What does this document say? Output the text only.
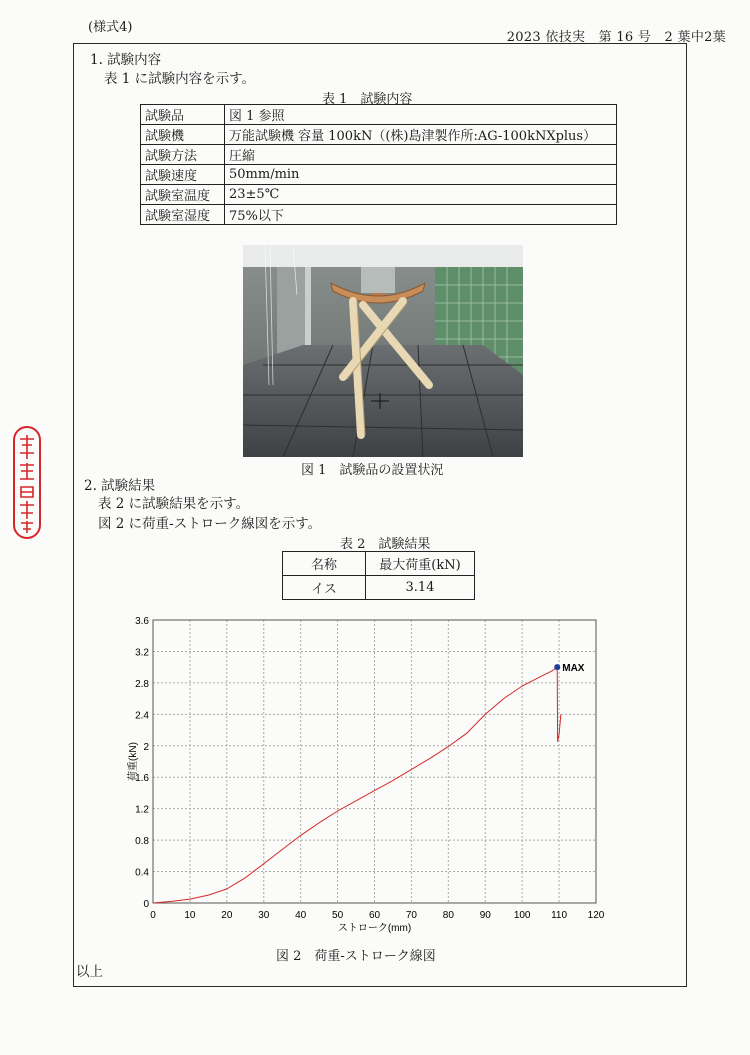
(様式4)
2023 依技実　第 16 号　2 葉中2葉
1. 試験内容
表 1 に試験内容を示す。
表 1　試験内容
試験品	図 1 参照
試験機	万能試験機 容量 100kN（(株)島津製作所:AG-100kNXplus）
試験方法	圧縮
試験速度	50mm/min
試験室温度	23±5℃
試験室湿度	75%以下
図 1　試験品の設置状況
2. 試験結果
表 2 に試験結果を示す。
図 2 に荷重-ストローク線図を示す。
表 2　試験結果
名称	最大荷重(kN)
イス	3.14
0	10	20	30	40	50	60	70	80	90 100 110 120
0
0.4
0.8
1.2
1.6
2
2.4
2.8
3.2
3.6
MAX
ストローク(mm)
荷重(kN)
図 2　荷重-ストローク線図
以上
